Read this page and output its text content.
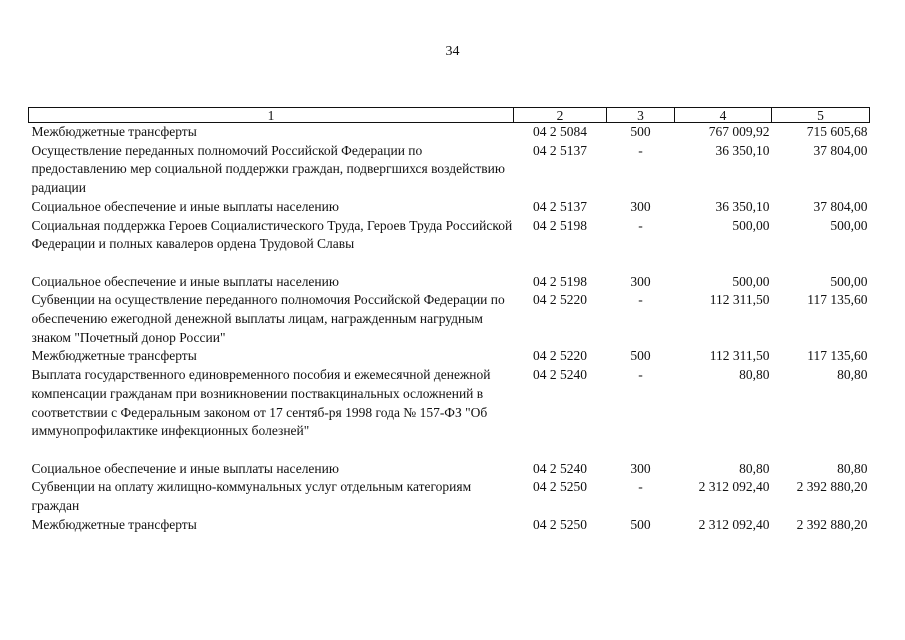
34
1	2	3	4	5
Межбюджетные трансферты	04 2 5084	500	767 009,92	715 605,68
Осуществление переданных полномочий Российской Федерации по предоставлению мер социальной поддержки граждан, подвергшихся воздействию радиации	04 2 5137	-	36 350,10	37 804,00
Социальное обеспечение и иные выплаты населению	04 2 5137	300	36 350,10	37 804,00
Социальная поддержка Героев Социалистического Труда, Героев Труда Российской Федерации и полных кавалеров ордена Трудовой Славы	04 2 5198	-	500,00	500,00
Социальное обеспечение и иные выплаты населению	04 2 5198	300	500,00	500,00
Субвенции на осуществление переданного полномочия Российской Федерации по обеспечению ежегодной денежной выплаты лицам, награжденным нагрудным знаком "Почетный донор России"	04 2 5220	-	112 311,50	117 135,60
Межбюджетные трансферты	04 2 5220	500	112 311,50	117 135,60
Выплата государственного единовременного пособия и ежемесячной денежной компенсации гражданам при возникновении поствакцинальных осложнений в соответствии с Федеральным законом от 17 сентяб-ря 1998 года № 157-ФЗ "Об иммунопрофилактике инфекционных болезней"	04 2 5240	-	80,80	80,80
Социальное обеспечение и иные выплаты населению	04 2 5240	300	80,80	80,80
Субвенции на оплату жилищно-коммунальных услуг отдельным категориям граждан	04 2 5250	-	2 312 092,40	2 392 880,20
Межбюджетные трансферты	04 2 5250	500	2 312 092,40	2 392 880,20
